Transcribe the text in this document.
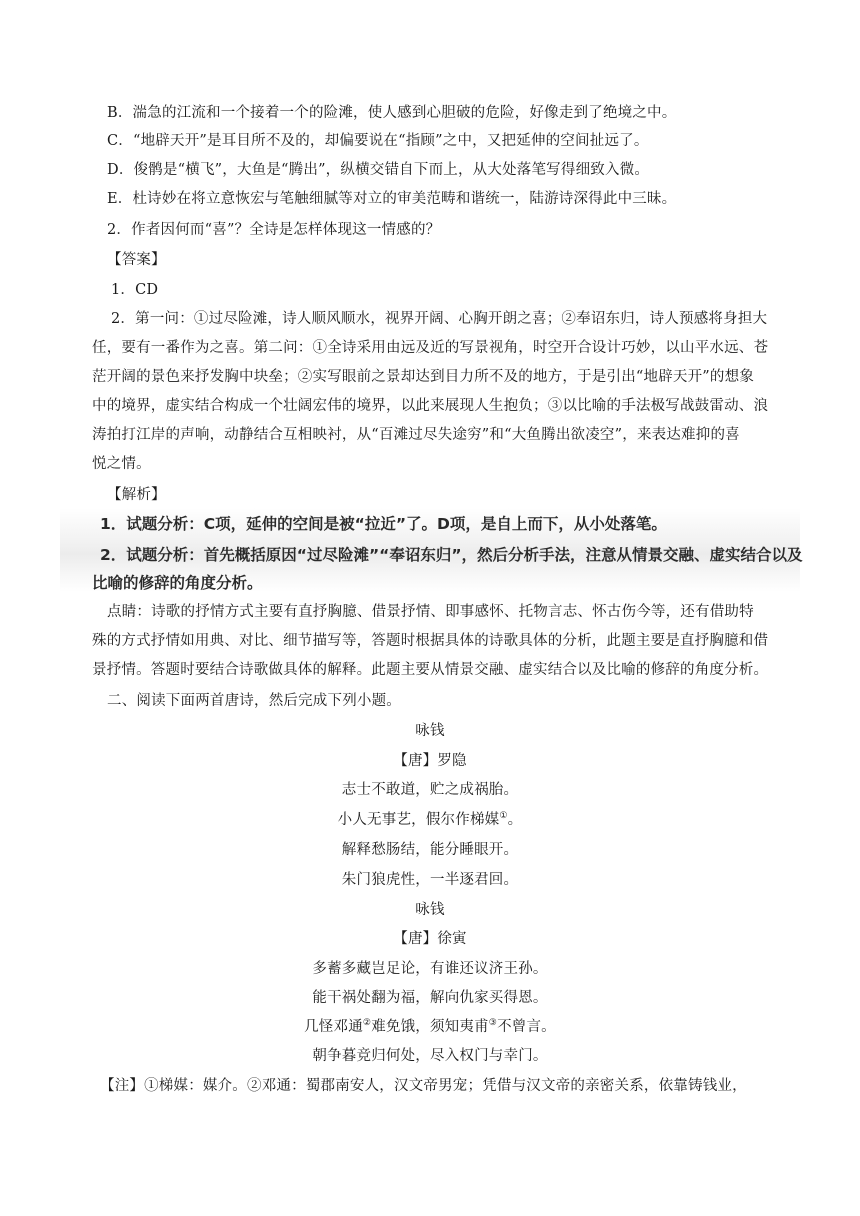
B．湍急的江流和一个接着一个的险滩，使人感到心胆破的危险，好像走到了绝境之中。
C．“地辟天开”是耳目所不及的，却偏要说在“指顾”之中，又把延伸的空间扯远了。
D．俊鹘是“横飞”，大鱼是“腾出”，纵横交错自下而上，从大处落笔写得细致入微。
E．杜诗妙在将立意恢宏与笔触细腻等对立的审美范畴和谐统一，陆游诗深得此中三昧。
2．作者因何而“喜”？全诗是怎样体现这一情感的？
【答案】
1．CD
2．第一问：①过尽险滩，诗人顺风顺水，视界开阔、心胸开朗之喜；②奉诏东归，诗人预感将身担大
任，要有一番作为之喜。第二问：①全诗采用由远及近的写景视角，时空开合设计巧妙，以山平水远、苍
茫开阔的景色来抒发胸中块垒；②实写眼前之景却达到目力所不及的地方，于是引出“地辟天开”的想象
中的境界，虚实结合构成一个壮阔宏伟的境界，以此来展现人生抱负；③以比喻的手法极写战鼓雷动、浪
涛拍打江岸的声响，动静结合互相映衬，从“百滩过尽失途穷”和“大鱼腾出欲凌空”，来表达难抑的喜
悦之情。
【解析】
1．试题分析：C项，延伸的空间是被“拉近”了。D项，是自上而下，从小处落笔。
2．试题分析：首先概括原因“过尽险滩”“奉诏东归”，然后分析手法，注意从情景交融、虚实结合以及
比喻的修辞的角度分析。
点睛：诗歌的抒情方式主要有直抒胸臆、借景抒情、即事感怀、托物言志、怀古伤今等，还有借助特
殊的方式抒情如用典、对比、细节描写等，答题时根据具体的诗歌具体的分析，此题主要是直抒胸臆和借
景抒情。答题时要结合诗歌做具体的解释。此题主要从情景交融、虚实结合以及比喻的修辞的角度分析。
二、阅读下面两首唐诗，然后完成下列小题。
咏钱
【唐】罗隐
志士不敢道，贮之成祸胎。
小人无事艺，假尔作梯媒①。
解释愁肠结，能分睡眼开。
朱门狼虎性，一半逐君回。
咏钱
【唐】徐寅
多蓄多藏岂足论，有谁还议济王孙。
能干祸处翻为福，解向仇家买得恩。
几怪邓通②难免饿，须知夷甫③不曾言。
朝争暮竞归何处，尽入权门与幸门。
【注】①梯媒：媒介。②邓通：蜀郡南安人，汉文帝男宠；凭借与汉文帝的亲密关系，依靠铸钱业，
